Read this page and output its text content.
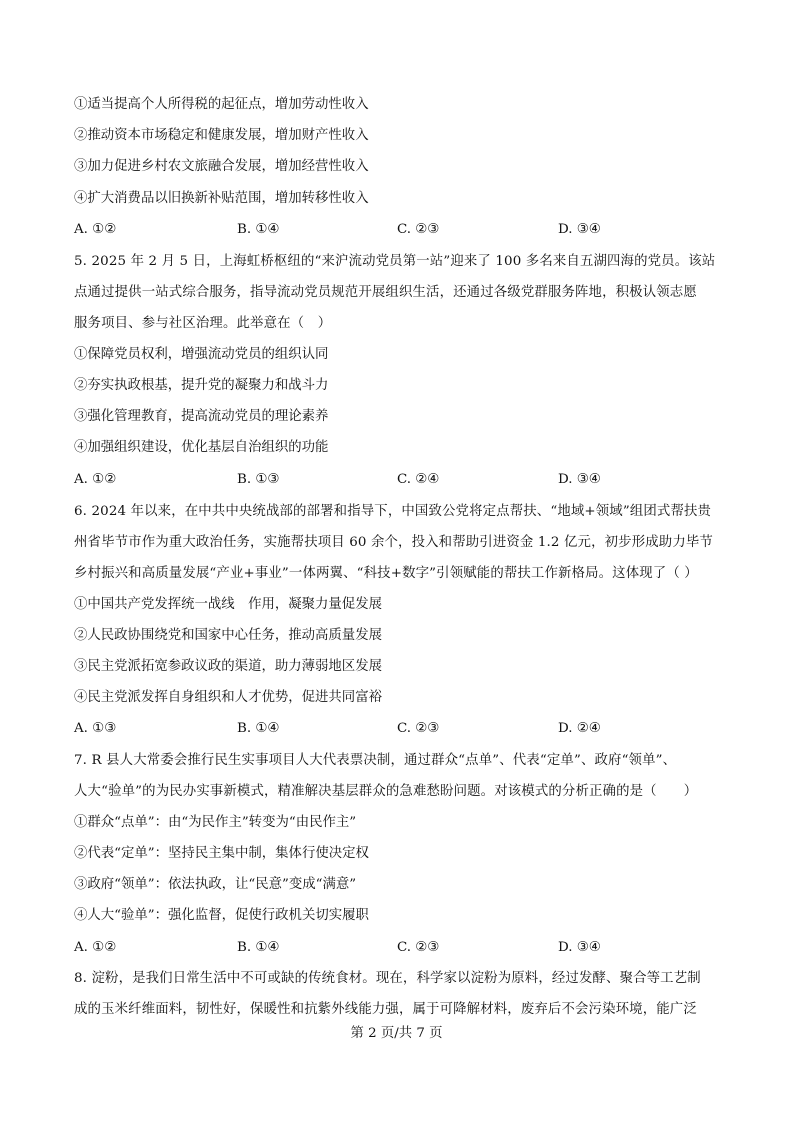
①适当提高个人所得税的起征点，增加劳动性收入
②推动资本市场稳定和健康发展，增加财产性收入
③加力促进乡村农文旅融合发展，增加经营性收入
④扩大消费品以旧换新补贴范围，增加转移性收入
A. ①②	B. ①④	C. ②③	D. ③④
5. 2025 年 2 月 5 日，上海虹桥枢纽的“来沪流动党员第一站”迎来了 100 多名来自五湖四海的党员。该站
点通过提供一站式综合服务，指导流动党员规范开展组织生活，还通过各级党群服务阵地，积极认领志愿
服务项目、参与社区治理。此举意在（　）
①保障党员权利，增强流动党员的组织认同
②夯实执政根基，提升党的凝聚力和战斗力
③强化管理教育，提高流动党员的理论素养
④加强组织建设，优化基层自治组织的功能
A. ①②	B. ①③	C. ②④	D. ③④
6. 2024 年以来，在中共中央统战部的部署和指导下，中国致公党将定点帮扶、“地域+领域”组团式帮扶贵
州省毕节市作为重大政治任务，实施帮扶项目 60 余个，投入和帮助引进资金 1.2 亿元，初步形成助力毕节
乡村振兴和高质量发展“产业+事业”一体两翼、“科技+数字”引领赋能的帮扶工作新格局。这体现了（ ）
①中国共产党发挥统一战线　作用，凝聚力量促发展
②人民政协围绕党和国家中心任务，推动高质量发展
③民主党派拓宽参政议政的渠道，助力薄弱地区发展
④民主党派发挥自身组织和人才优势，促进共同富裕
A. ①③	B. ①④	C. ②③	D. ②④
7. R 县人大常委会推行民生实事项目人大代表票决制，通过群众“点单”、代表“定单”、政府“领单”、
人大“验单”的为民办实事新模式，精准解决基层群众的急难愁盼问题。对该模式的分析正确的是（　　）
①群众“点单”：由“为民作主”转变为“由民作主”
②代表“定单”：坚持民主集中制，集体行使决定权
③政府“领单”：依法执政，让“民意”变成“满意”
④人大“验单”：强化监督，促使行政机关切实履职
A. ①②	B. ①④	C. ②③	D. ③④
8. 淀粉，是我们日常生活中不可或缺的传统食材。现在，科学家以淀粉为原料，经过发酵、聚合等工艺制
成的玉米纤维面料，韧性好，保暖性和抗紫外线能力强，属于可降解材料，废弃后不会污染环境，能广泛
第 2 页/共 7 页
